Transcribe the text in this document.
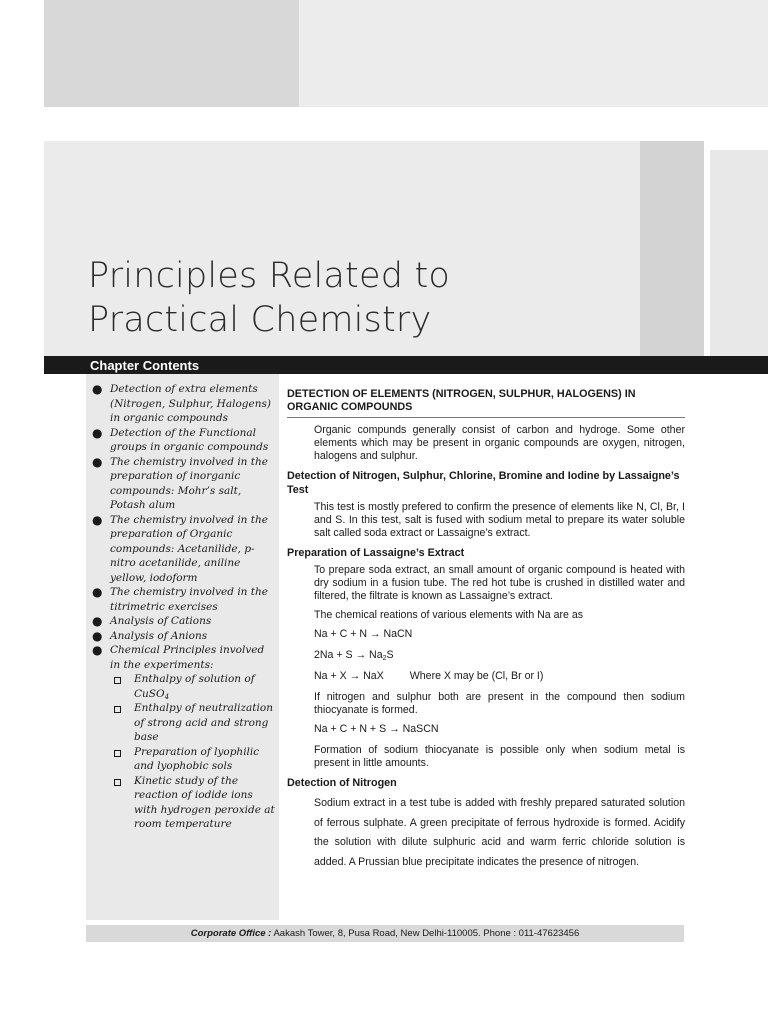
Principles Related to
Practical Chemistry
Chapter Contents
● Detection of extra elements (Nitrogen, Sulphur, Halogens) in organic compounds
● Detection of the Functional groups in organic compounds
● The chemistry involved in the preparation of inorganic compounds: Mohr’s salt, Potash alum
● The chemistry involved in the preparation of Organic compounds: Acetanilide, p-nitro acetanilide, aniline yellow, iodoform
● The chemistry involved in the titrimetric exercises
● Analysis of Cations
● Analysis of Anions
● Chemical Principles involved in the experiments:
Enthalpy of solution of CuSO$_4$
Enthalpy of neutralization of strong acid and strong base
Preparation of lyophilic and lyophobic sols
Kinetic study of the reaction of iodide ions with hydrogen peroxide at room temperature
DETECTION OF ELEMENTS (NITROGEN, SULPHUR, HALOGENS) IN ORGANIC COMPOUNDS
Organic compunds generally consist of carbon and hydroge. Some other elements which may be present in organic compounds are oxygen, nitrogen, halogens and sulphur.
Detection of Nitrogen, Sulphur, Chlorine, Bromine and Iodine by Lassaigne’s Test
This test is mostly prefered to confirm the presence of elements like N, Cl, Br, I and S. In this test, salt is fused with sodium metal to prepare its water soluble salt called soda extract or Lassaigne’s extract.
Preparation of Lassaigne’s Extract
To prepare soda extract, an small amount of organic compound is heated with dry sodium in a fusion tube. The red hot tube is crushed in distilled water and filtered, the filtrate is known as Lassaigne’s extract.
The chemical reations of various elements with Na are as
Na + C + N → NaCN
$2Na + S \to Na_2S$
Na + X → NaX Where X may be (Cl, Br or I)
If nitrogen and sulphur both are present in the compound then sodium thiocyanate is formed.
Na + C + N + S → NaSCN
Formation of sodium thiocyanate is possible only when sodium metal is present in little amounts.
Detection of Nitrogen
Sodium extract in a test tube is added with freshly prepared saturated solution of ferrous sulphate. A green precipitate of ferrous hydroxide is formed. Acidify the solution with dilute sulphuric acid and warm ferric chloride solution is added. A Prussian blue precipitate indicates the presence of nitrogen.
Corporate Office : Aakash Tower, 8, Pusa Road, New Delhi-110005. Phone : 011-47623456
